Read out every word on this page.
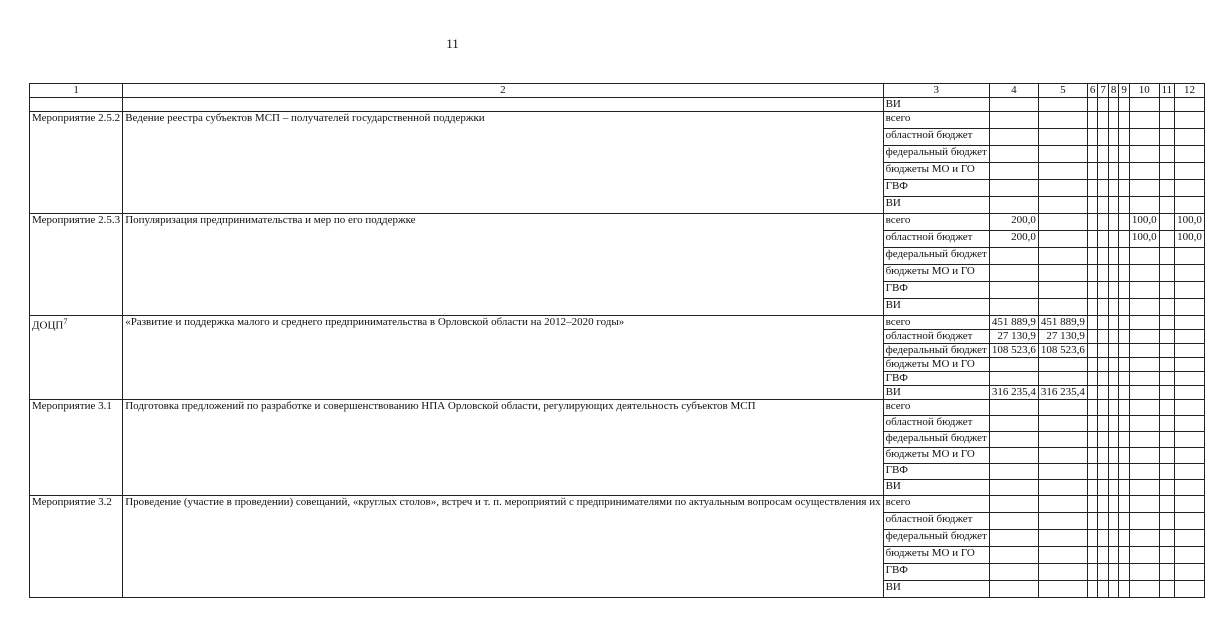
11
1	2	3	4	5	6	7	8	9	10	11	12
		ВИ									
Мероприятие 2.5.2	Ведение реестра субъектов МСП – получателей государственной поддержки	всего									
		областной бюджет									
		федеральный бюджет									
		бюджеты МО и ГО									
		ГВФ									
		ВИ									
Мероприятие 2.5.3	Популяризация предпринимательства и мер по его поддержке	всего	200,0						100,0		100,0
		областной бюджет	200,0						100,0		100,0
		федеральный бюджет									
		бюджеты МО и ГО									
		ГВФ									
		ВИ									
ДОЦП$^7$	«Развитие и поддержка малого и среднего предпринимательства в Орловской области на 2012–2020 годы»	всего	451 889,9	451 889,9							
		областной бюджет	27 130,9	27 130,9							
		федеральный бюджет	108 523,6	108 523,6							
		бюджеты МО и ГО									
		ГВФ									
		ВИ	316 235,4	316 235,4							
Мероприятие 3.1	Подготовка предложений по разработке и совершенствованию НПА Орловской области, регулирующих деятельность субъектов МСП	всего									
		областной бюджет									
		федеральный бюджет									
		бюджеты МО и ГО									
		ГВФ									
		ВИ									
Мероприятие 3.2	Проведение (участие в проведении) совещаний, «круглых столов», встреч и т. п. мероприятий с предпринимателями по актуальным вопросам осуществления их	всего									
		областной бюджет									
		федеральный бюджет									
		бюджеты МО и ГО									
		ГВФ									
		ВИ									
